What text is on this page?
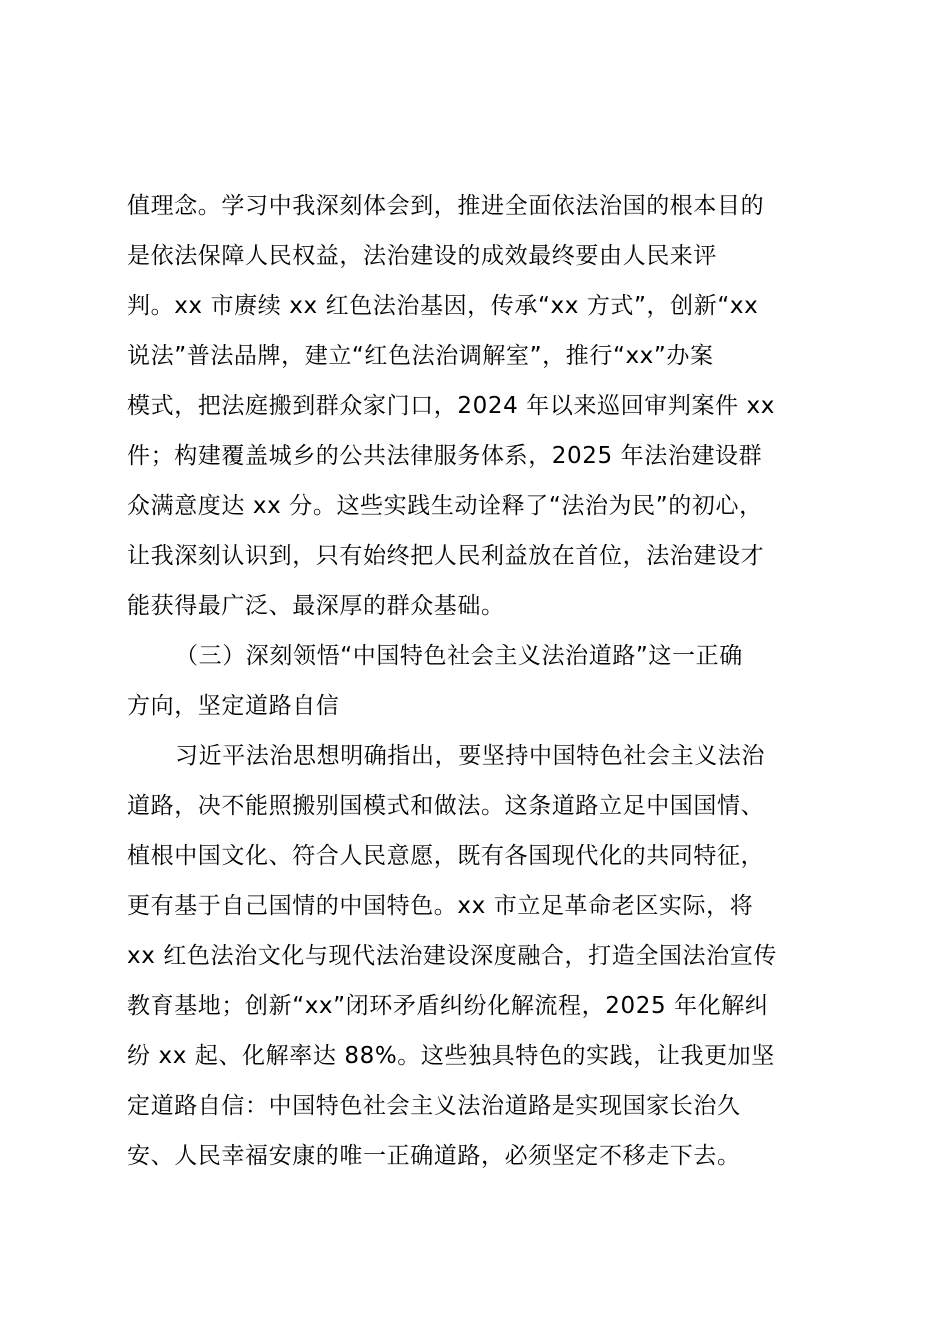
值理念。学习中我深刻体会到，推进全面依法治国的根本目的
是依法保障人民权益，法治建设的成效最终要由人民来评
判。xx 市赓续 xx 红色法治基因，传承“xx 方式”，创新“xx
说法”普法品牌，建立“红色法治调解室”，推行“xx”办案
模式，把法庭搬到群众家门口，2024 年以来巡回审判案件 xx
件；构建覆盖城乡的公共法律服务体系，2025 年法治建设群
众满意度达 xx 分。这些实践生动诠释了“法治为民”的初心，
让我深刻认识到，只有始终把人民利益放在首位，法治建设才
能获得最广泛、最深厚的群众基础。
（三）深刻领悟“中国特色社会主义法治道路”这一正确
方向，坚定道路自信
习近平法治思想明确指出，要坚持中国特色社会主义法治
道路，决不能照搬别国模式和做法。这条道路立足中国国情、
植根中国文化、符合人民意愿，既有各国现代化的共同特征，
更有基于自己国情的中国特色。xx 市立足革命老区实际，将
xx 红色法治文化与现代法治建设深度融合，打造全国法治宣传
教育基地；创新“xx”闭环矛盾纠纷化解流程，2025 年化解纠
纷 xx 起、化解率达 88%。这些独具特色的实践，让我更加坚
定道路自信：中国特色社会主义法治道路是实现国家长治久
安、人民幸福安康的唯一正确道路，必须坚定不移走下去。
